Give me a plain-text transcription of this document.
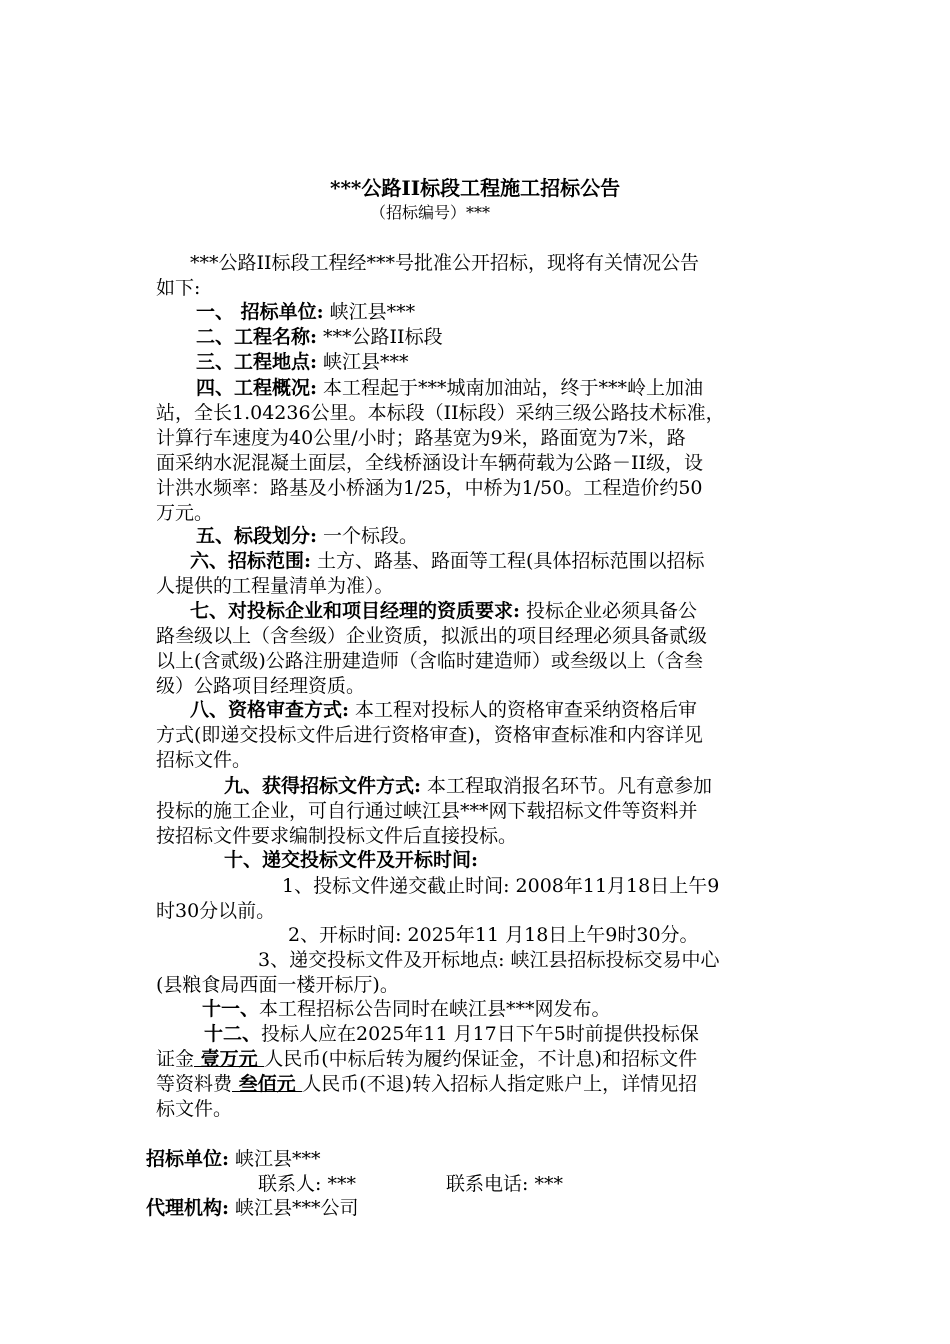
***公路II标段工程施工招标公告
（招标编号）***
***公路II标段工程经***号批准公开招标，现将有关情况公告
如下:
一、 招标单位: 峡江县***
二、工程名称: ***公路II标段
三、工程地点: 峡江县***
四、工程概况: 本工程起于***城南加油站，终于***岭上加油
站，全长1.04236公里。本标段（II标段）采纳三级公路技术标准，
计算行车速度为40公里/小时；路基宽为9米，路面宽为7米，路
面采纳水泥混凝土面层，全线桥涵设计车辆荷载为公路－II级，设
计洪水频率：路基及小桥涵为1/25，中桥为1/50。工程造价约50
万元。
五、标段划分: 一个标段。
六、招标范围: 土方、路基、路面等工程(具体招标范围以招标
人提供的工程量清单为准）。
七、对投标企业和项目经理的资质要求: 投标企业必须具备公
路叁级以上（含叁级）企业资质，拟派出的项目经理必须具备贰级
以上(含贰级)公路注册建造师（含临时建造师）或叁级以上（含叁
级）公路项目经理资质。
八、资格审查方式: 本工程对投标人的资格审查采纳资格后审
方式(即递交投标文件后进行资格审查)，资格审查标准和内容详见
招标文件。
九、获得招标文件方式: 本工程取消报名环节。凡有意参加
投标的施工企业，可自行通过峡江县***网下载招标文件等资料并
按招标文件要求编制投标文件后直接投标。
十、递交投标文件及开标时间:
1、投标文件递交截止时间: 2008年11月18日上午9
时30分以前。
2、开标时间: 2025年11 月18日上午9时30分。
3、递交投标文件及开标地点: 峡江县招标投标交易中心
(县粮食局西面一楼开标厅)。
十一、本工程招标公告同时在峡江县***网发布。
十二、投标人应在2025年11 月17日下午5时前提供投标保
证金 壹万元 人民币(中标后转为履约保证金，不计息)和招标文件
等资料费 叁佰元 人民币(不退)转入招标人指定账户上，详情见招
标文件。
招标单位: 峡江县***
联系人: ***	联系电话: ***
代理机构: 峡江县***公司
